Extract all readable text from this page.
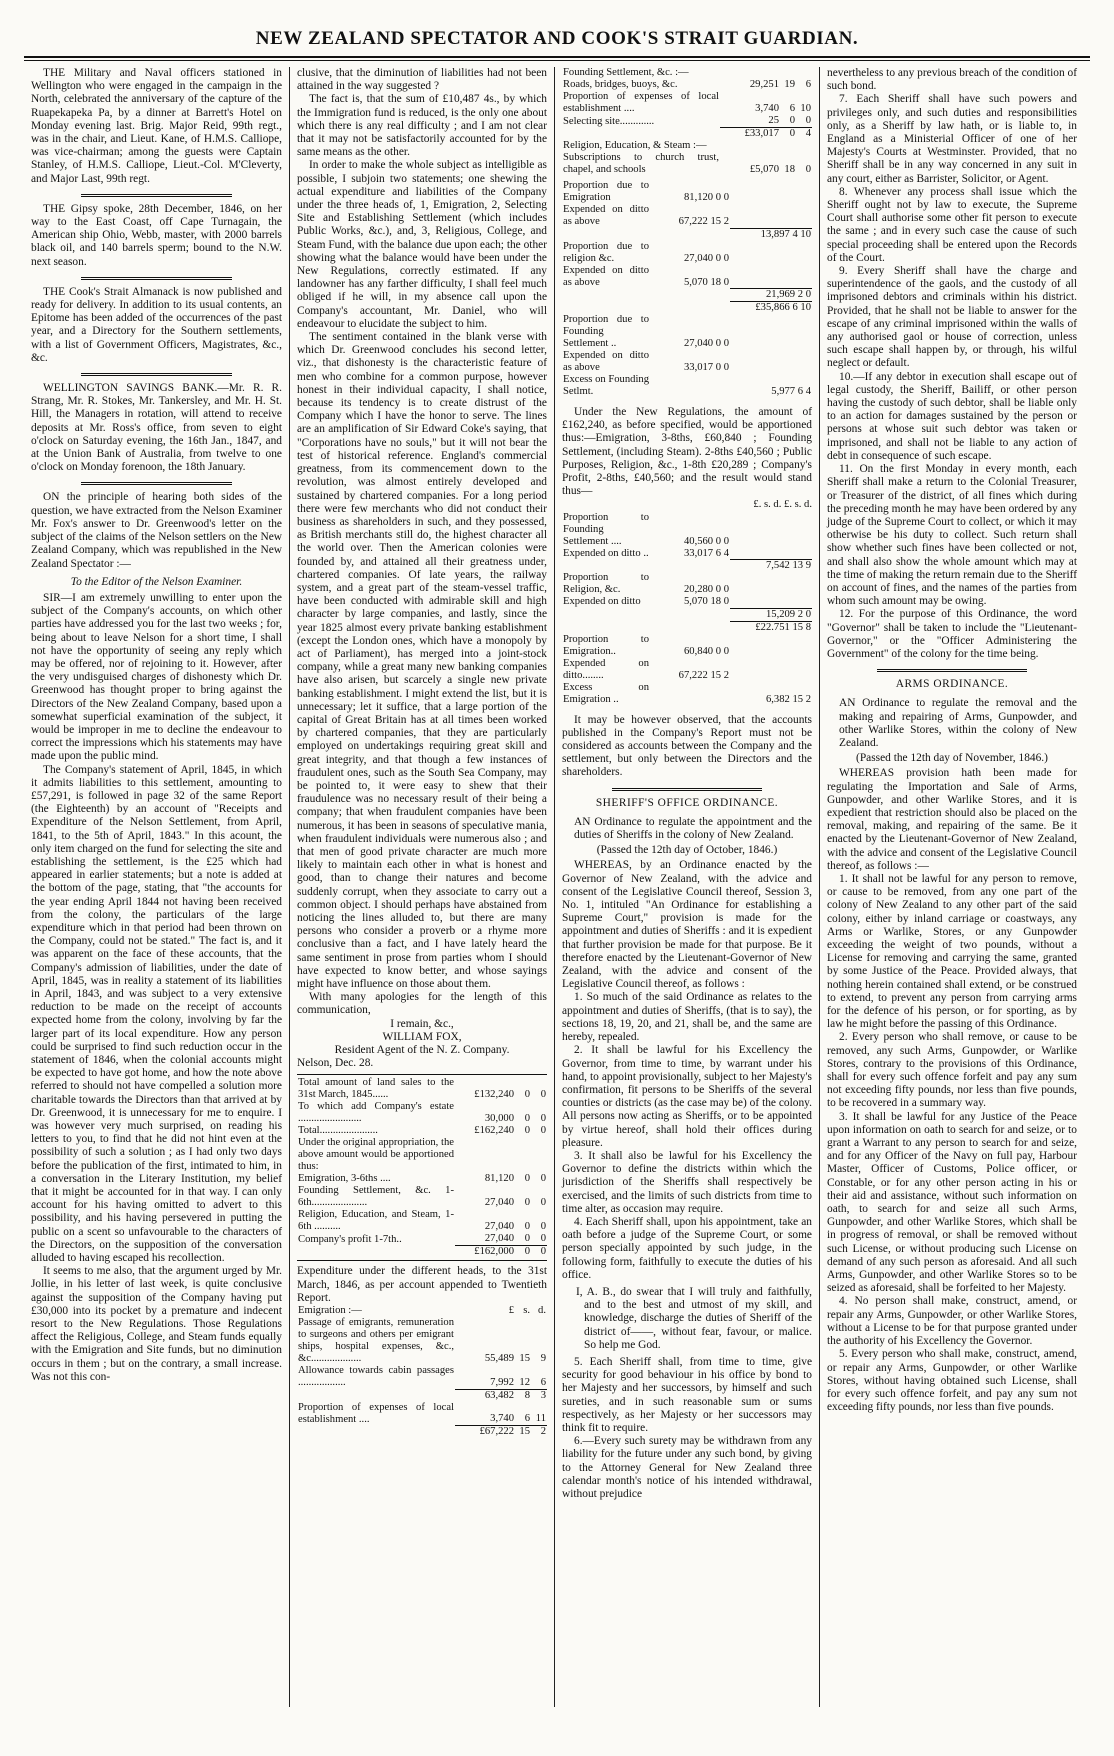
NEW ZEALAND SPECTATOR AND COOK'S STRAIT GUARDIAN.

THE Military and Naval officers stationed in Wellington who were engaged in the campaign in the North, celebrated the anniversary of the capture of the Ruapekapeka Pa, by a dinner at Barrett's Hotel on Monday evening last. Brig. Major Reid, 99th regt., was in the chair, and Lieut. Kane, of H.M.S. Calliope, was vice-chairman; among the guests were Captain Stanley, of H.M.S. Calliope, Lieut.-Col. M'Cleverty, and Major Last, 99th regt.

THE Gipsy spoke, 28th December, 1846, on her way to the East Coast, off Cape Turnagain, the American ship Ohio, Webb, master, with 2000 barrels black oil, and 140 barrels sperm; bound to the N.W. next season.

THE Cook's Strait Almanack is now published and ready for delivery. In addition to its usual contents, an Epitome has been added of the occurrences of the past year, and a Directory for the Southern settlements, with a list of Government Officers, Magistrates, &c., &c.

WELLINGTON SAVINGS BANK.—Mr. R. R. Strang, Mr. R. Stokes, Mr. Tankersley, and Mr. H. St. Hill, the Managers in rotation, will attend to receive deposits at Mr. Ross's office, from seven to eight o'clock on Saturday evening, the 16th Jan., 1847, and at the Union Bank of Australia, from twelve to one o'clock on Monday forenoon, the 18th January.

ON the principle of hearing both sides of the question, we have extracted from the Nelson Examiner Mr. Fox's answer to Dr. Greenwood's letter on the subject of the claims of the Nelson settlers on the New Zealand Company, which was republished in the New Zealand Spectator :—

To the Editor of the Nelson Examiner.

SIR—I am extremely unwilling to enter upon the subject of the Company's accounts, on which other parties have addressed you for the last two weeks ; for, being about to leave Nelson for a short time, I shall not have the opportunity of seeing any reply which may be offered, nor of rejoining to it. However, after the very undisguised charges of dishonesty which Dr. Greenwood has thought proper to bring against the Directors of the New Zealand Company, based upon a somewhat superficial examination of the subject, it would be improper in me to decline the endeavour to correct the impressions which his statements may have made upon the public mind.

The Company's statement of April, 1845, in which it admits liabilities to this settlement, amounting to £57,291, is followed in page 32 of the same Report (the Eighteenth) by an account of "Receipts and Expenditure of the Nelson Settlement, from April, 1841, to the 5th of April, 1843." In this acount, the only item charged on the fund for selecting the site and establishing the settlement, is the £25 which had appeared in earlier statements; but a note is added at the bottom of the page, stating, that "the accounts for the year ending April 1844 not having been received from the colony, the particulars of the large expenditure which in that period had been thrown on the Company, could not be stated." The fact is, and it was apparent on the face of these accounts, that the Company's admission of liabilities, under the date of April, 1845, was in reality a statement of its liabilities in April, 1843, and was subject to a very extensive reduction to be made on the receipt of accounts expected home from the colony, involving by far the larger part of its local expenditure. How any person could be surprised to find such reduction occur in the statement of 1846, when the colonial accounts might be expected to have got home, and how the note above referred to should not have compelled a solution more charitable towards the Directors than that arrived at by Dr. Greenwood, it is unnecessary for me to enquire. I was however very much surprised, on reading his letters to you, to find that he did not hint even at the possibility of such a solution ; as I had only two days before the publication of the first, intimated to him, in a conversation in the Literary Institution, my belief that it might be accounted for in that way. I can only account for his having omitted to advert to this possibility, and his having persevered in putting the public on a scent so unfavourable to the characters of the Directors, on the supposition of the conversation alluded to having escaped his recollection.

It seems to me also, that the argument urged by Mr. Jollie, in his letter of last week, is quite conclusive against the supposition of the Company having put £30,000 into its pocket by a premature and indecent resort to the New Regulations. Those Regulations affect the Religious, College, and Steam funds equally with the Emigration and Site funds, but no diminution occurs in them ; but on the contrary, a small increase. Was not this con-

clusive, that the diminution of liabilities had not been attained in the way suggested ?

The fact is, that the sum of £10,487 4s., by which the Immigration fund is reduced, is the only one about which there is any real difficulty ; and I am not clear that it may not be satisfactorily accounted for by the same means as the other.

In order to make the whole subject as intelligible as possible, I subjoin two statements; one shewing the actual expenditure and liabilities of the Company under the three heads of, 1, Emigration, 2, Selecting Site and Establishing Settlement (which includes Public Works, &c.), and, 3, Religious, College, and Steam Fund, with the balance due upon each; the other showing what the balance would have been under the New Regulations, correctly estimated. If any landowner has any farther difficulty, I shall feel much obliged if he will, in my absence call upon the Company's accountant, Mr. Daniel, who will endeavour to elucidate the subject to him.

The sentiment contained in the blank verse with which Dr. Greenwood concludes his second letter, viz., that dishonesty is the characteristic feature of men who combine for a common purpose, however honest in their individual capacity, I shall notice, because its tendency is to create distrust of the Company which I have the honor to serve. The lines are an amplification of Sir Edward Coke's saying, that "Corporations have no souls," but it will not bear the test of historical reference. England's commercial greatness, from its commencement down to the revolution, was almost entirely developed and sustained by chartered companies. For a long period there were few merchants who did not conduct their business as shareholders in such, and they possessed, as British merchants still do, the highest character all the world over. Then the American colonies were founded by, and attained all their greatness under, chartered companies. Of late years, the railway system, and a great part of the steam-vessel traffic, have been conducted with admirable skill and high character by large companies, and lastly, since the year 1825 almost every private banking establishment (except the London ones, which have a monopoly by act of Parliament), has merged into a joint-stock company, while a great many new banking companies have also arisen, but scarcely a single new private banking establishment. I might extend the list, but it is unnecessary; let it suffice, that a large portion of the capital of Great Britain has at all times been worked by chartered companies, that they are particularly employed on undertakings requiring great skill and great integrity, and that though a few instances of fraudulent ones, such as the South Sea Company, may be pointed to, it were easy to shew that their fraudulence was no necessary result of their being a company; that when fraudulent companies have been numerous, it has been in seasons of speculative mania, when fraudulent individuals were numerous also ; and that men of good private character are much more likely to maintain each other in what is honest and good, than to change their natures and become suddenly corrupt, when they associate to carry out a common object. I should perhaps have abstained from noticing the lines alluded to, but there are many persons who consider a proverb or a rhyme more conclusive than a fact, and I have lately heard the same sentiment in prose from parties whom I should have expected to know better, and whose sayings might have influence on those about them.

With many apologies for the length of this communication,

I remain, &c.,

WILLIAM FOX,

Resident Agent of the N. Z. Company.

Nelson, Dec. 28.

Total amount of land sales to the 31st March, 1845......	£132,240	0	0
To which add Company's estate ........................	30,000	0	0
Total......................	£162,240	0	0
Under the original appropriation, the above amount would be apportioned thus:			
Emigration, 3-6ths ....	81,120	0	0
Founding Settlement, &c. 1-6th.....................	27,040	0	0
Religion, Education, and Steam, 1-6th ..........	27,040	0	0
Company's profit 1-7th..	27,040	0	0
	£162,000	0	0

Expenditure under the different heads, to the 31st March, 1846, as per account appended to Twentieth Report.

Emigration :—	£	s.	d.
Passage of emigrants, remuneration to surgeons and others per emigrant ships, hospital expenses, &c., &c...................	55,489	15	9
Allowance towards cabin passages ..................	7,992	12	6
	63,482	8	3
Proportion of expenses of local establishment ....	3,740	6	11
	£67,222	15	2
Founding Settlement, &c. :—			
Roads, bridges, buoys, &c.	29,251	19	6
Proportion of expenses of local establishment ....	3,740	6	10
Selecting site.............	25	0	0
	£33,017	0	4
Religion, Education, & Steam :—			
Subscriptions to church trust, chapel, and schools	£5,070	18	0
Proportion due to Emigration	81,120 0 0	
Expended on ditto as above	67,222 15 2	
		13,897 4 10
Proportion due to religion &c.	27,040 0 0	
Expended on ditto as above	5,070 18 0	
		21,969 2 0
		£35,866 6 10
Proportion due to Founding Settlement ..	27,040 0 0	
Expended on ditto as above	33,017 0 0	
Excess on Founding Setlmt.		5,977 6 4

Under the New Regulations, the amount of £162,240, as before specified, would be apportioned thus:—Emigration, 3-8ths, £60,840 ; Founding Settlement, (including Steam). 2-8ths £40,560 ; Public Purposes, Religion, &c., 1-8th £20,289 ; Company's Profit, 2-8ths, £40,560; and the result would stand thus—

£. s. d. £. s. d.

Proportion to Founding Settlement ....	40,560 0 0	
Expended on ditto ..	33,017 6 4	
		7,542 13 9
Proportion to Religion, &c.	20,280 0 0	
Expended on ditto	5,070 18 0	
		15,209 2 0
		£22.751 15 8
Proportion to Emigration..	60,840 0 0	
Expended on ditto........	67,222 15 2	
Excess on Emigration ..		6,382 15 2

It may be however observed, that the accounts published in the Company's Report must not be considered as accounts between the Company and the settlement, but only between the Directors and the shareholders.

SHERIFF'S OFFICE ORDINANCE.

AN Ordinance to regulate the appointment and the duties of Sheriffs in the colony of New Zealand.

(Passed the 12th day of October, 1846.)

WHEREAS, by an Ordinance enacted by the Governor of New Zealand, with the advice and consent of the Legislative Council thereof, Session 3, No. 1, intituled "An Ordinance for establishing a Supreme Court," provision is made for the appointment and duties of Sheriffs : and it is expedient that further provision be made for that purpose. Be it therefore enacted by the Lieutenant-Governor of New Zealand, with the advice and consent of the Legislative Council thereof, as follows :

1. So much of the said Ordinance as relates to the appointment and duties of Sheriffs, (that is to say), the sections 18, 19, 20, and 21, shall be, and the same are hereby, repealed.

2. It shall be lawful for his Excellency the Governor, from time to time, by warrant under his hand, to appoint provisionally, subject to her Majesty's confirmation, fit persons to be Sheriffs of the several counties or districts (as the case may be) of the colony. All persons now acting as Sheriffs, or to be appointed by virtue hereof, shall hold their offices during pleasure.

3. It shall also be lawful for his Excellency the Governor to define the districts within which the jurisdiction of the Sheriffs shall respectively be exercised, and the limits of such districts from time to time alter, as occasion may require.

4. Each Sheriff shall, upon his appointment, take an oath before a judge of the Supreme Court, or some person specially appointed by such judge, in the following form, faithfully to execute the duties of his office.

I, A. B., do swear that I will truly and faithfully, and to the best and utmost of my skill, and knowledge, discharge the duties of Sheriff of the district of——, without fear, favour, or malice. So help me God.

5. Each Sheriff shall, from time to time, give security for good behaviour in his office by bond to her Majesty and her successors, by himself and such sureties, and in such reasonable sum or sums respectively, as her Majesty or her successors may think fit to require.

6.—Every such surety may be withdrawn from any liability for the future under any such bond, by giving to the Attorney General for New Zealand three calendar month's notice of his intended withdrawal, without prejudice

nevertheless to any previous breach of the condition of such bond.

7. Each Sheriff shall have such powers and privileges only, and such duties and responsibilities only, as a Sheriff by law hath, or is liable to, in England as a Ministerial Officer of one of her Majesty's Courts at Westminster. Provided, that no Sheriff shall be in any way concerned in any suit in any court, either as Barrister, Solicitor, or Agent.

8. Whenever any process shall issue which the Sheriff ought not by law to execute, the Supreme Court shall authorise some other fit person to execute the same ; and in every such case the cause of such special proceeding shall be entered upon the Records of the Court.

9. Every Sheriff shall have the charge and superintendence of the gaols, and the custody of all imprisoned debtors and criminals within his district. Provided, that he shall not be liable to answer for the escape of any criminal imprisoned within the walls of any authorised gaol or house of correction, unless such escape shall happen by, or through, his wilful neglect or default.

10.—If any debtor in execution shall escape out of legal custody, the Sheriff, Bailiff, or other person having the custody of such debtor, shall be liable only to an action for damages sustained by the person or persons at whose suit such debtor was taken or imprisoned, and shall not be liable to any action of debt in consequence of such escape.

11. On the first Monday in every month, each Sheriff shall make a return to the Colonial Treasurer, or Treasurer of the district, of all fines which during the preceding month he may have been ordered by any judge of the Supreme Court to collect, or which it may otherwise be his duty to collect. Such return shall show whether such fines have been collected or not, and shall also show the whole amount which may at the time of making the return remain due to the Sheriff on account of fines, and the names of the parties from whom such amount may be owing.

12. For the purpose of this Ordinance, the word "Governor" shall be taken to include the "Lieutenant-Governor," or the "Officer Administering the Government" of the colony for the time being.

ARMS ORDINANCE.

AN Ordinance to regulate the removal and the making and repairing of Arms, Gunpowder, and other Warlike Stores, within the colony of New Zealand.

(Passed the 12th day of November, 1846.)

WHEREAS provision hath been made for regulating the Importation and Sale of Arms, Gunpowder, and other Warlike Stores, and it is expedient that restriction should also be placed on the removal, making, and repairing of the same. Be it enacted by the Lieutenant-Governor of New Zealand, with the advice and consent of the Legislative Council thereof, as follows :—

1. It shall not be lawful for any person to remove, or cause to be removed, from any one part of the colony of New Zealand to any other part of the said colony, either by inland carriage or coastways, any Arms or Warlike, Stores, or any Gunpowder exceeding the weight of two pounds, without a License for removing and carrying the same, granted by some Justice of the Peace. Provided always, that nothing herein contained shall extend, or be construed to extend, to prevent any person from carrying arms for the defence of his person, or for sporting, as by law he might before the passing of this Ordinance.

2. Every person who shall remove, or cause to be removed, any such Arms, Gunpowder, or Warlike Stores, contrary to the provisions of this Ordinance, shall for every such offence forfeit and pay any sum not exceeding fifty pounds, nor less than five pounds, to be recovered in a summary way.

3. It shall be lawful for any Justice of the Peace upon information on oath to search for and seize, or to grant a Warrant to any person to search for and seize, and for any Officer of the Navy on full pay, Harbour Master, Officer of Customs, Police officer, or Constable, or for any other person acting in his or their aid and assistance, without such information on oath, to search for and seize all such Arms, Gunpowder, and other Warlike Stores, which shall be in progress of removal, or shall be removed without such License, or without producing such License on demand of any such person as aforesaid. And all such Arms, Gunpowder, and other Warlike Stores so to be seized as aforesaid, shall be forfeited to her Majesty.

4. No person shall make, construct, amend, or repair any Arms, Gunpowder, or other Warlike Stores, without a License to be for that purpose granted under the authority of his Excellency the Governor.

5. Every person who shall make, construct, amend, or repair any Arms, Gunpowder, or other Warlike Stores, without having obtained such License, shall for every such offence forfeit, and pay any sum not exceeding fifty pounds, nor less than five pounds.
